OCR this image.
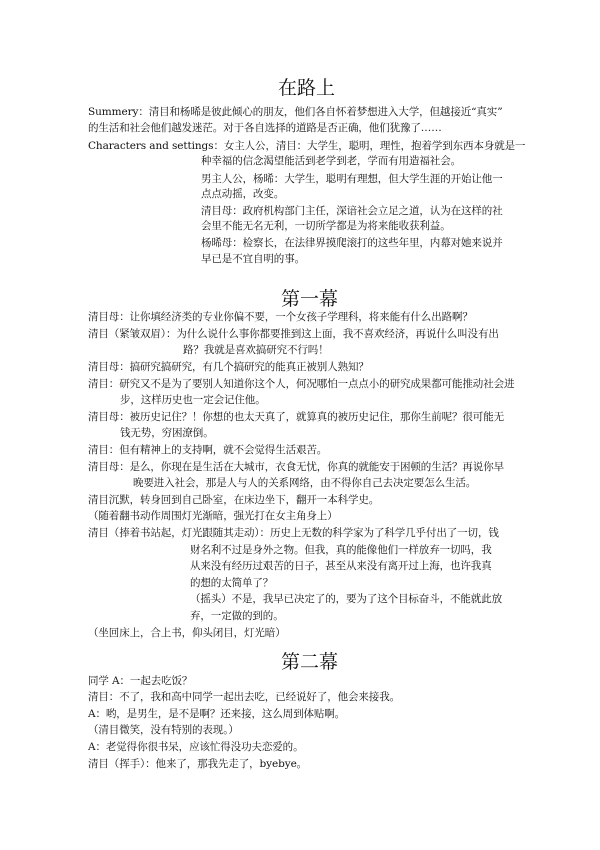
在路上
Summery：清目和杨晞是彼此倾心的朋友，他们各自怀着梦想进入大学，但越接近“真实”
的生活和社会他们越发迷茫。对于各自选择的道路是否正确，他们犹豫了……
Characters and settings：女主人公，清目：大学生，聪明，理性，抱着学到东西本身就是一
种幸福的信念渴望能活到老学到老，学而有用造福社会。
男主人公，杨晞：大学生，聪明有理想，但大学生涯的开始让他一
点点动摇，改变。
清目母：政府机构部门主任，深谙社会立足之道，认为在这样的社
会里不能无名无利，一切所学都是为将来能收获利益。
杨晞母：检察长，在法律界摸爬滚打的这些年里，内幕对她来说并
早已是不宜自明的事。
第一幕
清目母：让你填经济类的专业你偏不要，一个女孩子学理科，将来能有什么出路啊？
清目（紧皱双眉）：为什么说什么事你都要推到这上面，我不喜欢经济，再说什么叫没有出
路？我就是喜欢搞研究不行吗！
清目母：搞研究搞研究，有几个搞研究的能真正被别人熟知？
清目：研究又不是为了要别人知道你这个人，何况哪怕一点点小的研究成果都可能推动社会进
步，这样历史也一定会记住他。
清目母：被历史记住？！你想的也太天真了，就算真的被历史记住，那你生前呢？很可能无
钱无势，穷困潦倒。
清目：但有精神上的支持啊，就不会觉得生活艰苦。
清目母：是么，你现在是生活在大城市，衣食无忧，你真的就能安于困顿的生活？再说你早
晚要进入社会，那是人与人的关系网络，由不得你自己去决定要怎么生活。
清目沉默，转身回到自己卧室，在床边坐下，翻开一本科学史。
（随着翻书动作周围灯光渐暗，强光打在女主角身上）
清目（捧着书站起，灯光跟随其走动）：历史上无数的科学家为了科学几乎付出了一切，钱
财名利不过是身外之物。但我，真的能像他们一样放弃一切吗，我
从来没有经历过艰苦的日子，甚至从来没有离开过上海，也许我真
的想的太简单了？
（摇头）不是，我早已决定了的，要为了这个目标奋斗，不能就此放
弃，一定做的到的。
（坐回床上，合上书，仰头闭目，灯光暗）
第二幕
同学 A：一起去吃饭？
清目：不了，我和高中同学一起出去吃，已经说好了，他会来接我。
A：哟，是男生，是不是啊？还来接，这么周到体贴啊。
（清目微笑，没有特别的表现。）
A：老觉得你很书呆，应该忙得没功夫恋爱的。
清目（挥手）：他来了，那我先走了，byebye。
